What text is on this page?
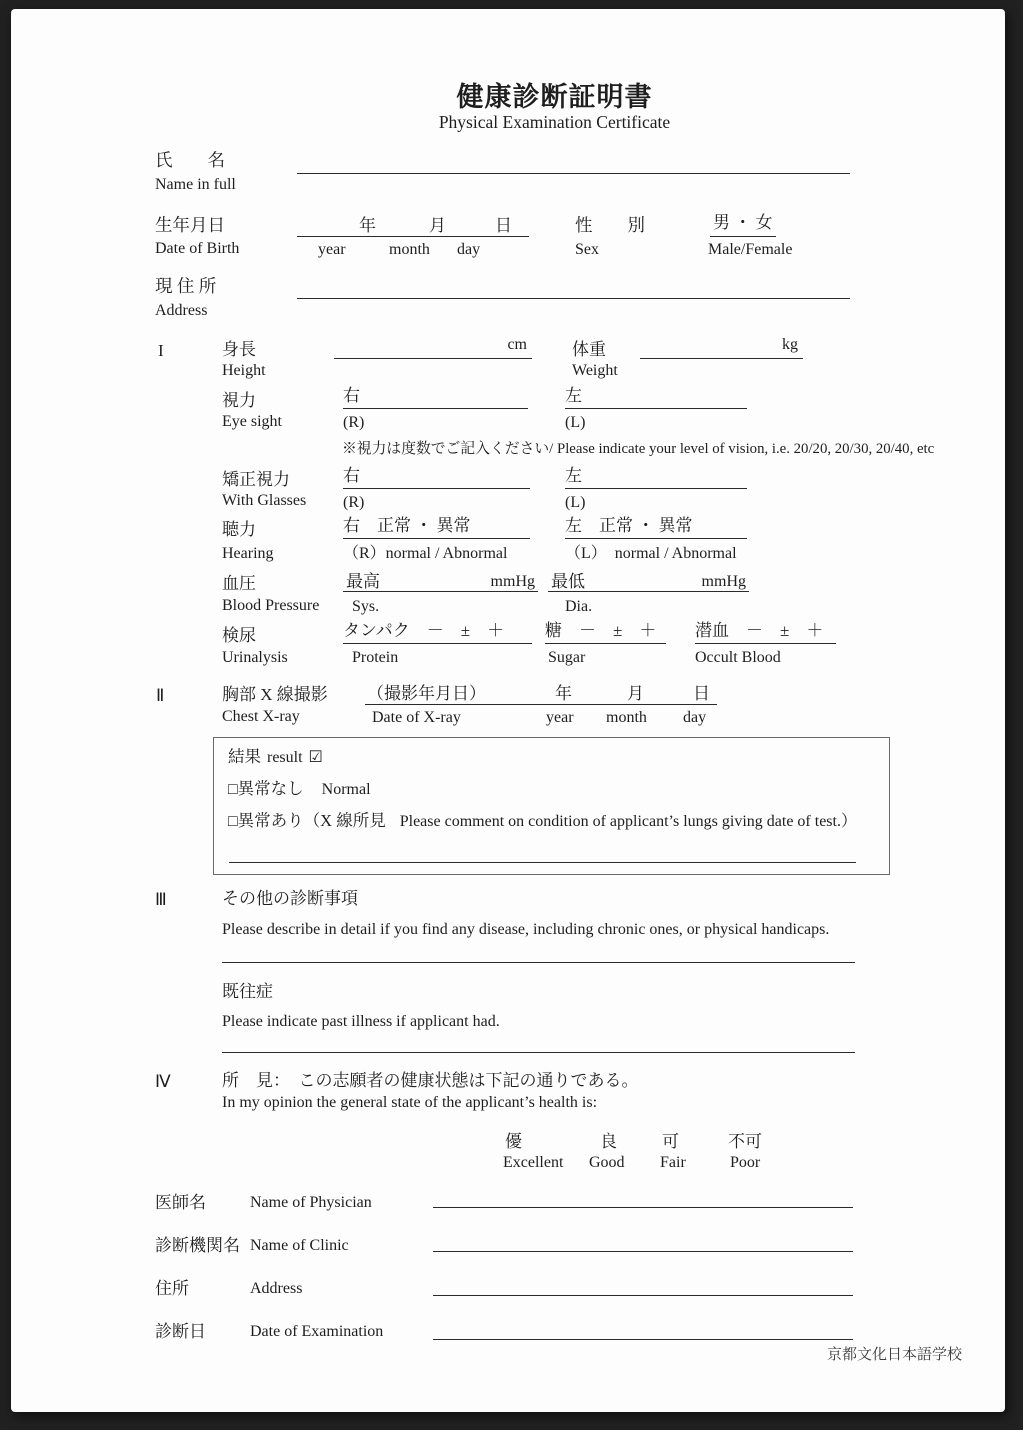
健康診断証明書
Physical Examination Certificate
氏　　名
Name in full
生年月日
Date of Birth
年	月	日
year	month day
性　　別
Sex
男 ・ 女
Male/Female
現 住 所
Address
I	身長
Height
cm	体重
Weight
kg
視力
Eye sight
右
(R)
左
(L)
※視力は度数でご記入ください/ Please indicate your level of vision, i.e. 20/20, 20/30, 20/40, etc
矯正視力
With Glasses
右
(R)
左
(L)
聴力
Hearing
右　正常 ・ 異常
（R）normal / Abnormal
左　正常 ・ 異常
（L）　normal / Abnormal
血圧
Blood Pressure
最高	mmHg
Sys.
最低	mmHg
Dia.
検尿
Urinalysis
タンパク　－　±　＋
Protein
糖　－　±　＋
Sugar
潜血　－　±　＋
Occult Blood
Ⅱ	胸部 X 線撮影
Chest X-ray
（撮影年月日）	年	月	日
Date of X-ray	year month day
結果 result ☑
□ 異常なし Normal
□ 異常あり（X 線所見 Please comment on condition of applicant’s lungs giving date of test.）
Ⅲ	その他の診断事項
Please describe in detail if you find any disease, including chronic ones, or physical handicaps.
既往症
Please indicate past illness if applicant had.
Ⅳ	所　見：　この志願者の健康状態は下記の通りである。
In my opinion the general state of the applicant’s health is:
優	良	可	不可
Excellent Good Fair	Poor
医師名	Name of Physician
診断機関名 Name of Clinic
住所	Address
診断日	Date of Examination
京都文化日本語学校
